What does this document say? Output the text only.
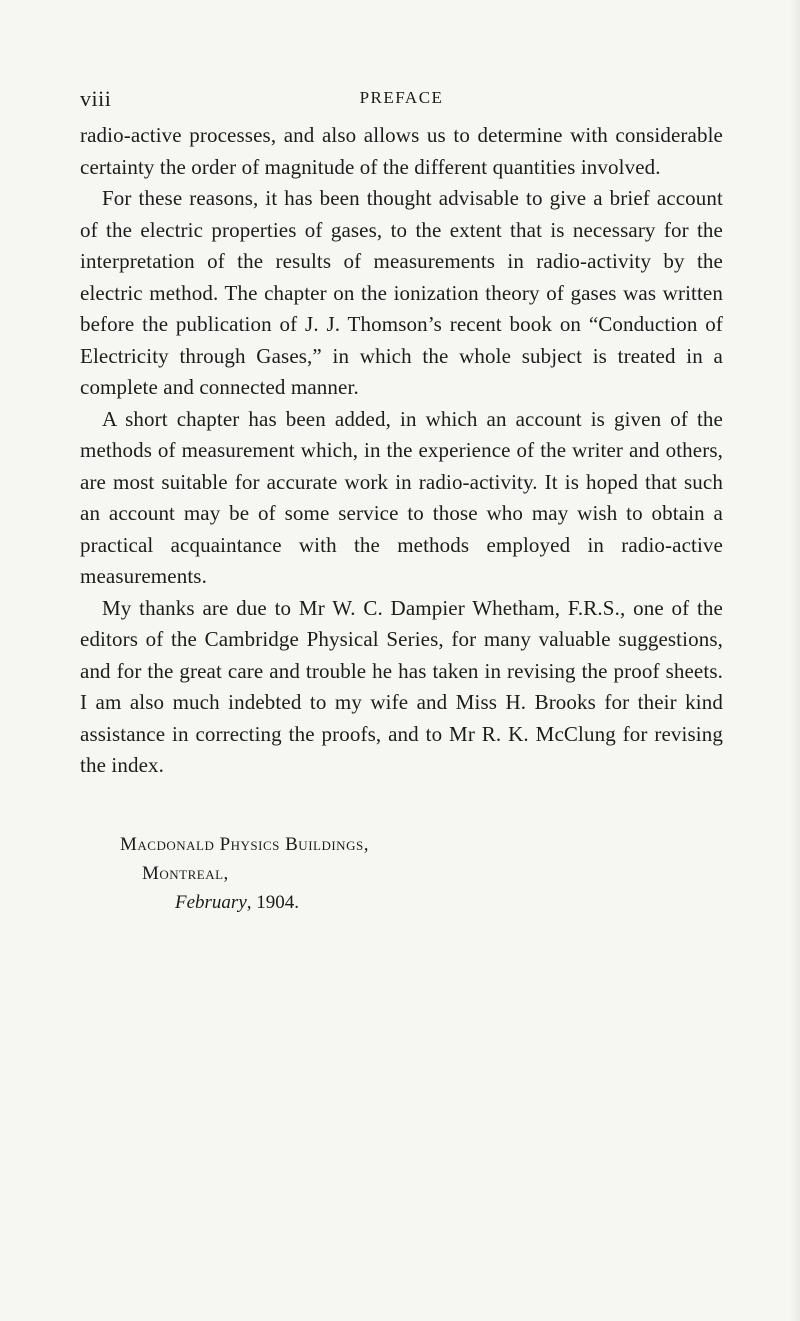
viii	PREFACE

radio-active processes, and also allows us to determine with considerable certainty the order of magnitude of the different quantities involved.

For these reasons, it has been thought advisable to give a brief account of the electric properties of gases, to the extent that is necessary for the interpretation of the results of measurements in radio-activity by the electric method. The chapter on the ionization theory of gases was written before the publication of J. J. Thomson’s recent book on “Conduction of Electricity through Gases,” in which the whole subject is treated in a complete and connected manner.

A short chapter has been added, in which an account is given of the methods of measurement which, in the experience of the writer and others, are most suitable for accurate work in radio-activity. It is hoped that such an account may be of some service to those who may wish to obtain a practical acquaintance with the methods employed in radio-active measurements.

My thanks are due to Mr W. C. Dampier Whetham, F.R.S., one of the editors of the Cambridge Physical Series, for many valuable suggestions, and for the great care and trouble he has taken in revising the proof sheets. I am also much indebted to my wife and Miss H. Brooks for their kind assistance in correcting the proofs, and to Mr R. K. McClung for revising the index.

Macdonald Physics Buildings,
Montreal,
February, 1904.
